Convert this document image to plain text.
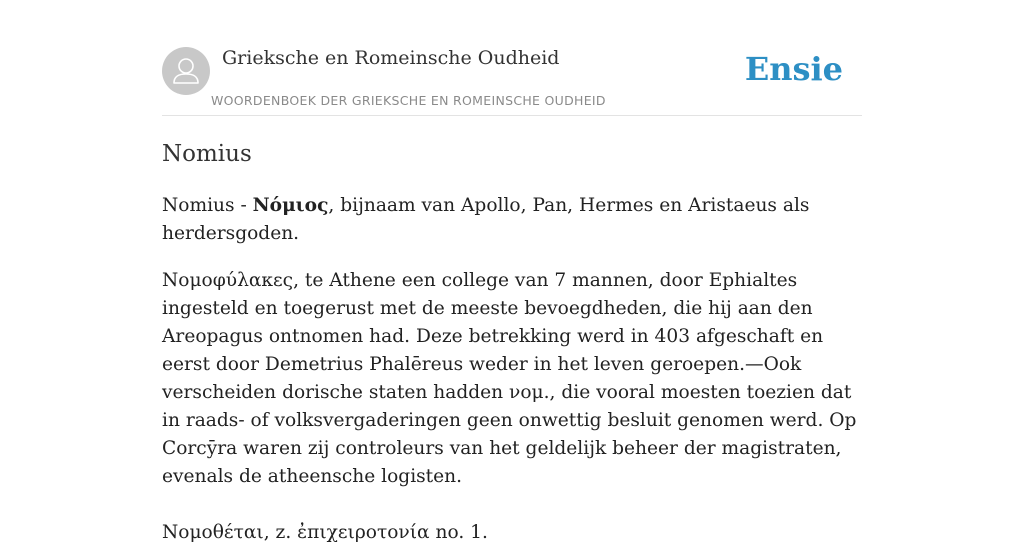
Grieksche en Romeinsche Oudheid
WOORDENBOEK DER GRIEKSCHE EN ROMEINSCHE OUDHEID
Ensie
Nomius

Nomius - Νόμιος, bijnaam van Apollo, Pan, Hermes en Aristaeus als herdersgoden.

Νομοφύλακες, te Athene een college van 7 mannen, door Ephialtes ingesteld en toegerust met de meeste bevoegdheden, die hij aan den Areopagus ontnomen had. Deze betrekking werd in 403 afgeschaft en eerst door Demetrius Phalēreus weder in het leven geroepen.—Ook verscheiden dorische staten hadden νομ., die vooral moesten toezien dat in raads- of volksvergaderingen geen onwettig besluit genomen werd. Op Corcȳra waren zij controleurs van het geldelijk beheer der magistraten, evenals de atheensche logisten.

Νομοθέται, z. ἐπιχειροτονία no. 1.
